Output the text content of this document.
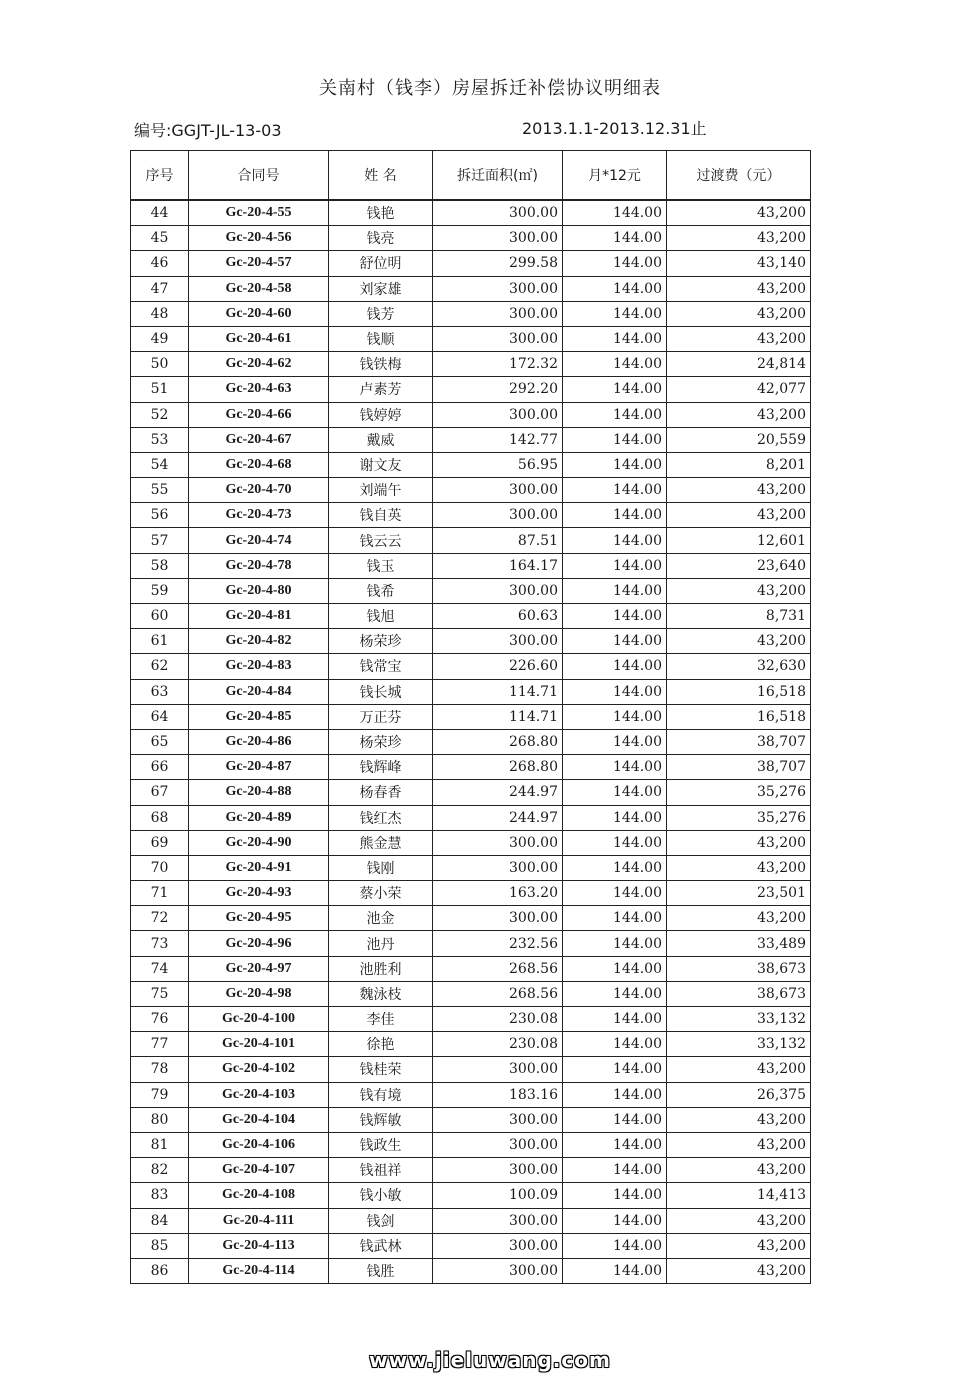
关南村（钱李）房屋拆迁补偿协议明细表
编号:GGJT-JL-13-03	2013.1.1-2013.12.31止
序号	合同号	姓 名	拆迁面积(㎡)	月*12元	过渡费（元）
44	Gc-20-4-55	钱艳	300.00	144.00	43,200
45	Gc-20-4-56	钱亮	300.00	144.00	43,200
46	Gc-20-4-57	舒位明	299.58	144.00	43,140
47	Gc-20-4-58	刘家雄	300.00	144.00	43,200
48	Gc-20-4-60	钱芳	300.00	144.00	43,200
49	Gc-20-4-61	钱顺	300.00	144.00	43,200
50	Gc-20-4-62	钱铁梅	172.32	144.00	24,814
51	Gc-20-4-63	卢素芳	292.20	144.00	42,077
52	Gc-20-4-66	钱婷婷	300.00	144.00	43,200
53	Gc-20-4-67	戴威	142.77	144.00	20,559
54	Gc-20-4-68	谢文友	56.95	144.00	8,201
55	Gc-20-4-70	刘端午	300.00	144.00	43,200
56	Gc-20-4-73	钱自英	300.00	144.00	43,200
57	Gc-20-4-74	钱云云	87.51	144.00	12,601
58	Gc-20-4-78	钱玉	164.17	144.00	23,640
59	Gc-20-4-80	钱希	300.00	144.00	43,200
60	Gc-20-4-81	钱旭	60.63	144.00	8,731
61	Gc-20-4-82	杨荣珍	300.00	144.00	43,200
62	Gc-20-4-83	钱常宝	226.60	144.00	32,630
63	Gc-20-4-84	钱长城	114.71	144.00	16,518
64	Gc-20-4-85	万正芬	114.71	144.00	16,518
65	Gc-20-4-86	杨荣珍	268.80	144.00	38,707
66	Gc-20-4-87	钱辉峰	268.80	144.00	38,707
67	Gc-20-4-88	杨春香	244.97	144.00	35,276
68	Gc-20-4-89	钱红杰	244.97	144.00	35,276
69	Gc-20-4-90	熊金慧	300.00	144.00	43,200
70	Gc-20-4-91	钱刚	300.00	144.00	43,200
71	Gc-20-4-93	蔡小荣	163.20	144.00	23,501
72	Gc-20-4-95	池金	300.00	144.00	43,200
73	Gc-20-4-96	池丹	232.56	144.00	33,489
74	Gc-20-4-97	池胜利	268.56	144.00	38,673
75	Gc-20-4-98	魏泳枝	268.56	144.00	38,673
76	Gc-20-4-100	李佳	230.08	144.00	33,132
77	Gc-20-4-101	徐艳	230.08	144.00	33,132
78	Gc-20-4-102	钱桂荣	300.00	144.00	43,200
79	Gc-20-4-103	钱有境	183.16	144.00	26,375
80	Gc-20-4-104	钱辉敏	300.00	144.00	43,200
81	Gc-20-4-106	钱政生	300.00	144.00	43,200
82	Gc-20-4-107	钱祖祥	300.00	144.00	43,200
83	Gc-20-4-108	钱小敏	100.09	144.00	14,413
84	Gc-20-4-111	钱剑	300.00	144.00	43,200
85	Gc-20-4-113	钱武林	300.00	144.00	43,200
86	Gc-20-4-114	钱胜	300.00	144.00	43,200
www.jieluwang.com
